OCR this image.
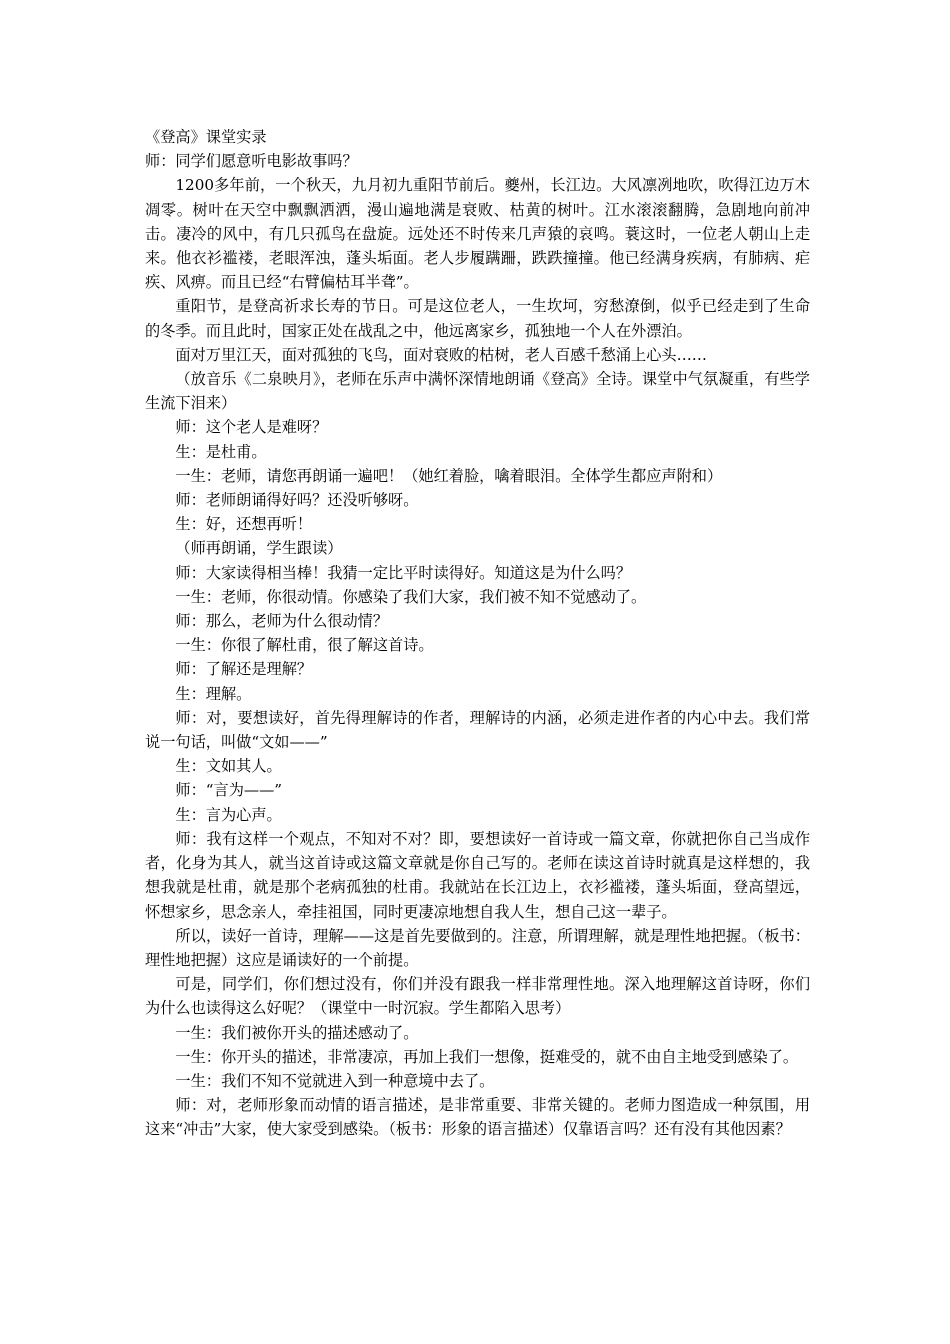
《登高》课堂实录

师：同学们愿意听电影故事吗？

1200多年前，一个秋天，九月初九重阳节前后。夔州，长江边。大风凛冽地吹，吹得江边万木凋零。树叶在天空中飘飘洒洒，漫山遍地满是衰败、枯黄的树叶。江水滚滚翻腾，急剧地向前冲击。凄冷的风中，有几只孤鸟在盘旋。远处还不时传来几声猿的哀鸣。蓑这时，一位老人朝山上走来。他衣衫褴褛，老眼浑浊，蓬头垢面。老人步履蹒跚，跌跌撞撞。他已经满身疾病，有肺病、疟疾、风痹。而且已经“右臂偏枯耳半聋”。

重阳节，是登高祈求长寿的节日。可是这位老人，一生坎坷，穷愁潦倒，似乎已经走到了生命的冬季。而且此时，国家正处在战乱之中，他远离家乡，孤独地一个人在外漂泊。

面对万里江天，面对孤独的飞鸟，面对衰败的枯树，老人百感千愁涌上心头……

（放音乐《二泉映月》，老师在乐声中满怀深情地朗诵《登高》全诗。课堂中气氛凝重，有些学生流下泪来）

师：这个老人是难呀？

生：是杜甫。

一生：老师，请您再朗诵一遍吧！（她红着脸，噙着眼泪。全体学生都应声附和）

师：老师朗诵得好吗？还没听够呀。

生：好，还想再听！

（师再朗诵，学生跟读）

师：大家读得相当棒！我猜一定比平时读得好。知道这是为什么吗？

一生：老师，你很动情。你感染了我们大家，我们被不知不觉感动了。

师：那么，老师为什么很动情？

一生：你很了解杜甫，很了解这首诗。

师：了解还是理解？

生：理解。

师：对，要想读好，首先得理解诗的作者，理解诗的内涵，必须走进作者的内心中去。我们常说一句话，叫做“文如——”

生：文如其人。

师：“言为——”

生：言为心声。

师：我有这样一个观点，不知对不对？即，要想读好一首诗或一篇文章，你就把你自己当成作者，化身为其人，就当这首诗或这篇文章就是你自己写的。老师在读这首诗时就真是这样想的，我想我就是杜甫，就是那个老病孤独的杜甫。我就站在长江边上，衣衫褴褛，蓬头垢面，登高望远，怀想家乡，思念亲人，牵挂祖国，同时更凄凉地想自我人生，想自己这一辈子。

所以，读好一首诗，理解——这是首先要做到的。注意，所谓理解，就是理性地把握。（板书：理性地把握）这应是诵读好的一个前提。

可是，同学们，你们想过没有，你们并没有跟我一样非常理性地。深入地理解这首诗呀，你们为什么也读得这么好呢？（课堂中一时沉寂。学生都陷入思考）

一生：我们被你开头的描述感动了。

一生：你开头的描述，非常凄凉，再加上我们一想像，挺难受的，就不由自主地受到感染了。

一生：我们不知不觉就进入到一种意境中去了。

师：对，老师形象而动情的语言描述，是非常重要、非常关键的。老师力图造成一种氛围，用这来“冲击”大家，使大家受到感染。（板书：形象的语言描述）仅靠语言吗？还有没有其他因素？
